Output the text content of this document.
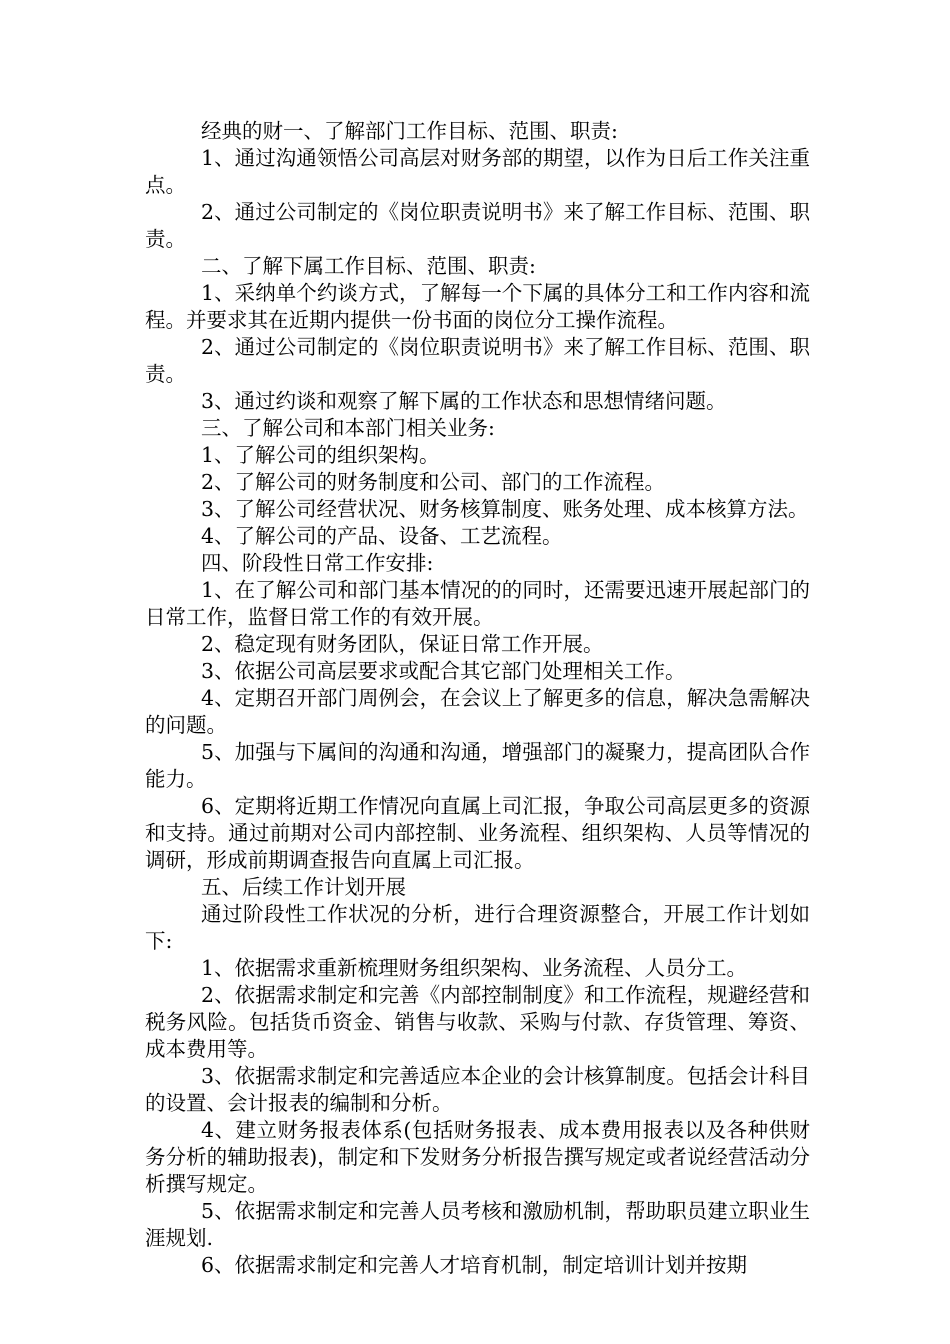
经典的财一、了解部门工作目标、范围、职责:

1、通过沟通领悟公司高层对财务部的期望，以作为日后工作关注重点。

2、通过公司制定的《岗位职责说明书》来了解工作目标、范围、职责。

二、了解下属工作目标、范围、职责:

1、采纳单个约谈方式，了解每一个下属的具体分工和工作内容和流程。并要求其在近期内提供一份书面的岗位分工操作流程。

2、通过公司制定的《岗位职责说明书》来了解工作目标、范围、职责。

3、通过约谈和观察了解下属的工作状态和思想情绪问题。

三、了解公司和本部门相关业务:

1、了解公司的组织架构。

2、了解公司的财务制度和公司、部门的工作流程。

3、了解公司经营状况、财务核算制度、账务处理、成本核算方法。

4、了解公司的产品、设备、工艺流程。

四、阶段性日常工作安排:

1、在了解公司和部门基本情况的的同时，还需要迅速开展起部门的日常工作，监督日常工作的有效开展。

2、稳定现有财务团队，保证日常工作开展。

3、依据公司高层要求或配合其它部门处理相关工作。

4、定期召开部门周例会，在会议上了解更多的信息，解决急需解决的问题。

5、加强与下属间的沟通和沟通，增强部门的凝聚力，提高团队合作能力。

6、定期将近期工作情况向直属上司汇报，争取公司高层更多的资源和支持。通过前期对公司内部控制、业务流程、组织架构、人员等情况的调研，形成前期调查报告向直属上司汇报。

五、后续工作计划开展

通过阶段性工作状况的分析，进行合理资源整合，开展工作计划如下:

1、依据需求重新梳理财务组织架构、业务流程、人员分工。

2、依据需求制定和完善《内部控制制度》和工作流程，规避经营和税务风险。包括货币资金、销售与收款、采购与付款、存货管理、筹资、成本费用等。

3、依据需求制定和完善适应本企业的会计核算制度。包括会计科目的设置、会计报表的编制和分析。

4、建立财务报表体系(包括财务报表、成本费用报表以及各种供财务分析的辅助报表)，制定和下发财务分析报告撰写规定或者说经营活动分析撰写规定。

5、依据需求制定和完善人员考核和激励机制，帮助职员建立职业生涯规划.

6、依据需求制定和完善人才培育机制，制定培训计划并按期
